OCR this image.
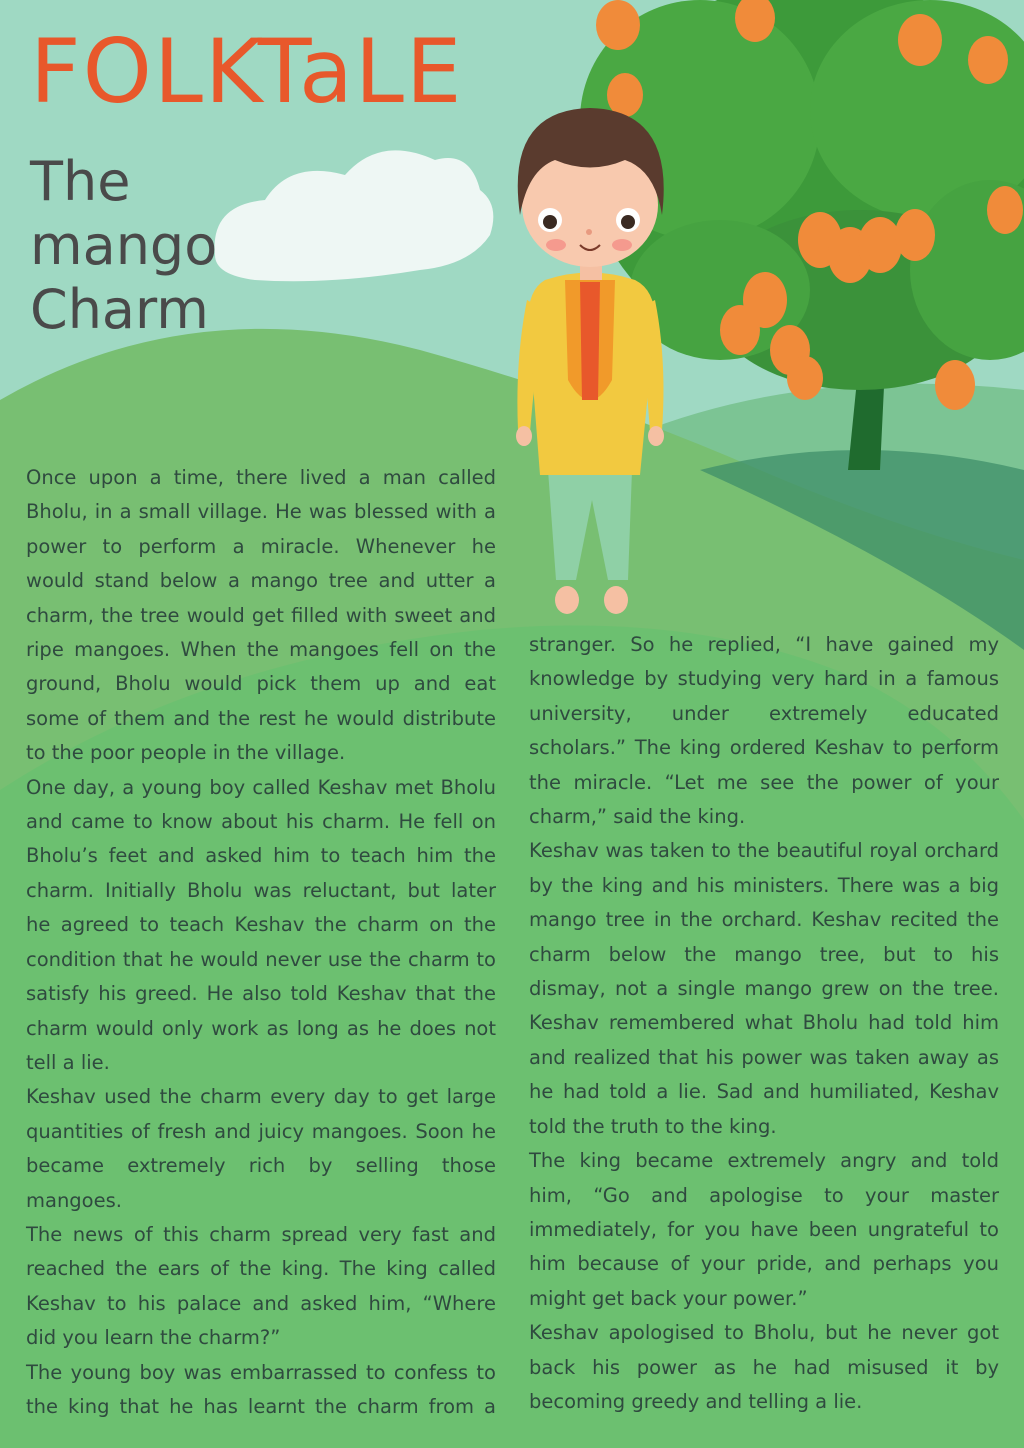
FOLKTaLE
The mango Charm

Once upon a time, there lived a man called Bholu, in a small village. He was blessed with a power to perform a miracle. Whenever he would stand below a mango tree and utter a charm, the tree would get filled with sweet and ripe mangoes. When the mangoes fell on the ground, Bholu would pick them up and eat some of them and the rest he would distribute to the poor people in the village.

One day, a young boy called Keshav met Bholu and came to know about his charm. He fell on Bholu’s feet and asked him to teach him the charm. Initially Bholu was reluctant, but later he agreed to teach Keshav the charm on the condition that he would never use the charm to satisfy his greed. He also told Keshav that the charm would only work as long as he does not tell a lie.

Keshav used the charm every day to get large quantities of fresh and juicy mangoes. Soon he became extremely rich by selling those mangoes.

The news of this charm spread very fast and reached the ears of the king. The king called Keshav to his palace and asked him, “Where did you learn the charm?”

The young boy was embarrassed to confess to the king that he has learnt the charm from a

stranger. So he replied, “I have gained my knowledge by studying very hard in a famous university, under extremely educated scholars.” The king ordered Keshav to perform the miracle. “Let me see the power of your charm,” said the king.

Keshav was taken to the beautiful royal orchard by the king and his ministers. There was a big mango tree in the orchard. Keshav recited the charm below the mango tree, but to his dismay, not a single mango grew on the tree. Keshav remembered what Bholu had told him and realized that his power was taken away as he had told a lie. Sad and humiliated, Keshav told the truth to the king.

The king became extremely angry and told him, “Go and apologise to your master immediately, for you have been ungrateful to him because of your pride, and perhaps you might get back your power.”

Keshav apologised to Bholu, but he never got back his power as he had misused it by becoming greedy and telling a lie.
